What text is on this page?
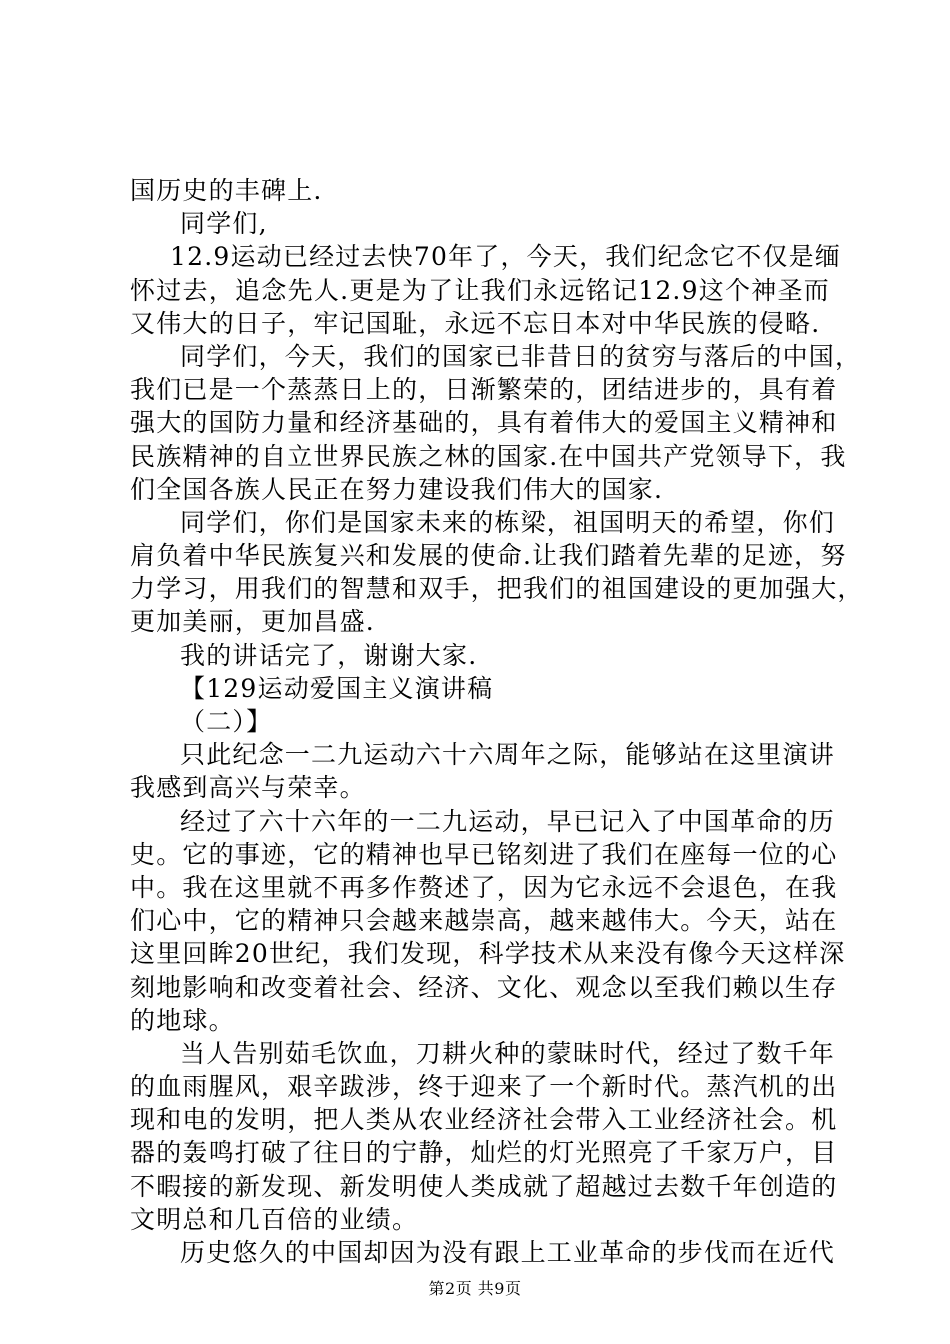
国历史的丰碑上.
同学们,
12.9运动已经过去快70年了，今天，我们纪念它不仅是缅
怀过去，追念先人.更是为了让我们永远铭记12.9这个神圣而
又伟大的日子，牢记国耻，永远不忘日本对中华民族的侵略.
同学们，今天，我们的国家已非昔日的贫穷与落后的中国，
我们已是一个蒸蒸日上的，日渐繁荣的，团结进步的，具有着
强大的国防力量和经济基础的，具有着伟大的爱国主义精神和
民族精神的自立世界民族之林的国家.在中国共产党领导下，我
们全国各族人民正在努力建设我们伟大的国家.
同学们，你们是国家未来的栋梁，祖国明天的希望，你们
肩负着中华民族复兴和发展的使命.让我们踏着先辈的足迹，努
力学习，用我们的智慧和双手，把我们的祖国建设的更加强大，
更加美丽，更加昌盛.
我的讲话完了，谢谢大家.
【129运动爱国主义演讲稿
（二）】
只此纪念一二九运动六十六周年之际，能够站在这里演讲
我感到高兴与荣幸。
经过了六十六年的一二九运动，早已记入了中国革命的历
史。它的事迹，它的精神也早已铭刻进了我们在座每一位的心
中。我在这里就不再多作赘述了，因为它永远不会退色，在我
们心中，它的精神只会越来越崇高，越来越伟大。今天，站在
这里回眸20世纪，我们发现，科学技术从来没有像今天这样深
刻地影响和改变着社会、经济、文化、观念以至我们赖以生存
的地球。
当人告别茹毛饮血，刀耕火种的蒙昧时代，经过了数千年
的血雨腥风，艰辛跋涉，终于迎来了一个新时代。蒸汽机的出
现和电的发明，把人类从农业经济社会带入工业经济社会。机
器的轰鸣打破了往日的宁静，灿烂的灯光照亮了千家万户，目
不暇接的新发现、新发明使人类成就了超越过去数千年创造的
文明总和几百倍的业绩。
历史悠久的中国却因为没有跟上工业革命的步伐而在近代
第2页 共9页
